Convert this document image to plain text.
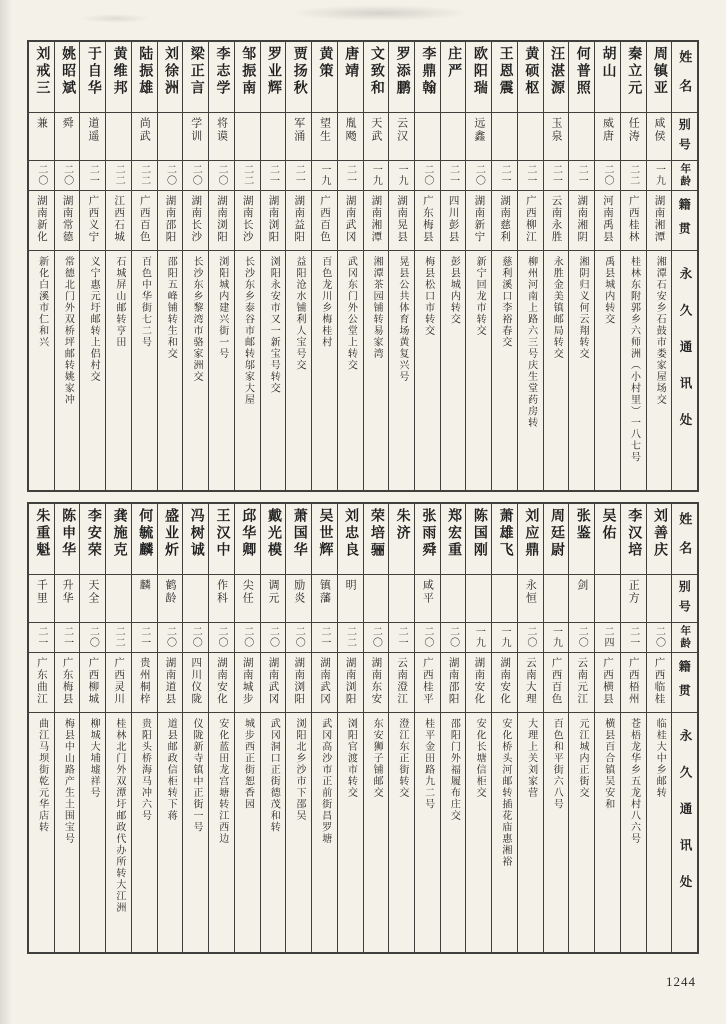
刘戒三
兼
二〇
湖南新化
新化白溪市仁和兴
姚昭斌
舜
二〇
湖南常德
常德北门外双桥坪邮转姚家冲
于自华
道遥
二一
广西义宁
义宁惠元圩邮转上侣村交
黄维邦
二二
江西石城
石城屏山邮转亨田
陆振雄
尚武
二二
广西百色
百色中华街七二号
刘徐洲
二〇
湖南邵阳
邵阳五峰铺转生和交
梁正言
学训
二〇
湖南长沙
长沙东乡黎湾市骆家洲交
李志学
将谟
二〇
湖南浏阳
浏阳城内建兴街一号
邹振南
二二
湖南长沙
长沙东乡泰谷市邮转邬家大屋
罗业辉
二一
湖南浏阳
浏阳永安市又一新宝号转交
贾扬秋
军涌
二一
湖南益阳
益阳沧水铺利人宝号交
黄策
望生
一九
广西百色
百色龙川乡梅桂村
唐靖
胤飏
二一
湖南武冈
武冈东门外公堂上转交
文致和
天武
一九
湖南湘潭
湘潭茶园铺转易家湾
罗添鹏
云汉
一九
湖南晃县
晃县公共体育场黄复兴号
李鼎翰
二〇
广东梅县
梅县松口市转交
庄严
二一
四川彭县
彭县城内转交
欧阳瑞
远鑫
二〇
湖南新宁
新宁回龙市转交
王恩震
二一
湖南慈利
慈利溪口李裕春交
黄硕枢
二一
广西柳江
柳州河南上路六三号庆生堂药房转
汪湛源
玉泉
二一
云南永胜
永胜金美镇邮局转交
何普照
二一
湖南湘阴
湘阴归义何云翔转交
胡山
威唐
二〇
河南禹县
禹县城内转交
秦立元
任涛
二二
广西桂林
桂林东附郭乡六师洲（小村里）一八七号
周镇亚
咸侯
一九
湖南湘潭
湘潭石安乡石鼓市娄家屋场交
姓名
别号
年龄
籍贯
永久通讯处
朱重魁
千里
二一
广东曲江
曲江马坝街乾元华店转
陈申华
升华
二一
广东梅县
梅县中山路产生土围宝号
李安荣
天全
二〇
广西柳城
柳城大埔墟祥号
龚施克
二二
广西灵川
桂林北门外双潭圩邮政代办所转大江洲
何毓麟
麟
二一
贵州桐梓
贵阳头桥海马冲六号
盛业炘
鹤龄
二〇
湖南道县
道县邮政信柜转下蒋
冯树诚
二〇
四川仪陇
仪陇新寺镇中正街一号
王汉中
作科
二〇
湖南安化
安化蓝田龙宫塘转江西边
邱华卿
尖任
二〇
湖南城步
城步西正街恕香园
戴光模
调元
二〇
湖南武冈
武冈洞口正街德茂和转
萧国华
励炎
二〇
湖南浏阳
浏阳北乡沙市下邵吴
吴世辉
镇藩
二一
湖南武冈
武冈高沙市正前街昌罗塘
刘忠良
明
二二
湖南浏阳
浏阳官渡市转交
荣培骊
二〇
湖南东安
东安狮子铺邮交
朱济
二一
云南澄江
澄江东正街转交
张雨舜
咸平
二〇
广西桂平
桂平金田路九二号
郑宏重
二〇
湖南邵阳
邵阳门外福履布庄交
陈国刚
一九
湖南安化
安化长塘信柜交
萧雄飞
一九
湖南安化
安化桥头河邮转插花庙惠湘裕
刘应鼎
永恒
二〇
云南大理
大理上关刘家营
周廷尉
一九
广西百色
百色和平街六八号
张鉴
剑
二〇
云南元江
元江城内正街交
吴佑
二四
广西横县
横县百合镇吴安和
李汉培
正方
二一
广西梧州
苍梧龙华乡五龙村八六号
刘善庆
二〇
广西临桂
临桂大中乡邮转
姓名
别号
年龄
籍贯
永久通讯处
1244
